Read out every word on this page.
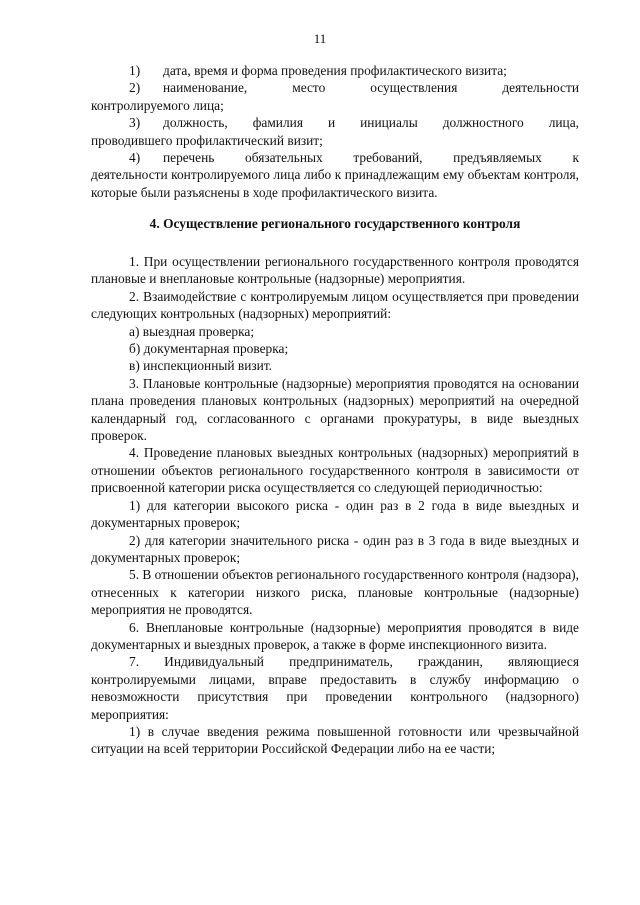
11
1)	дата, время и форма проведения профилактического визита;
2)	наименование, место осуществления деятельности
контролируемого лица;
3)	должность, фамилия и инициалы должностного лица,
проводившего профилактический визит;
4)	перечень обязательных требований, предъявляемых к
деятельности контролируемого лица либо к принадлежащим ему объектам контроля, которые были разъяснены в ходе профилактического визита.
4. Осуществление регионального государственного контроля

1. При осуществлении регионального государственного контроля проводятся плановые и внеплановые контрольные (надзорные) мероприятия.

2. Взаимодействие с контролируемым лицом осуществляется при проведении следующих контрольных (надзорных) мероприятий:

а) выездная проверка;

б) документарная проверка;

в) инспекционный визит.

3. Плановые контрольные (надзорные) мероприятия проводятся на основании плана проведения плановых контрольных (надзорных) мероприятий на очередной календарный год, согласованного с органами прокуратуры, в виде выездных проверок.

4. Проведение плановых выездных контрольных (надзорных) мероприятий в отношении объектов регионального государственного контроля в зависимости от присвоенной категории риска осуществляется со следующей периодичностью:

1) для категории высокого риска - один раз в 2 года в виде выездных и документарных проверок;

2) для категории значительного риска - один раз в 3 года в виде выездных и документарных проверок;

5. В отношении объектов регионального государственного контроля (надзора), отнесенных к категории низкого риска, плановые контрольные (надзорные) мероприятия не проводятся.

6. Внеплановые контрольные (надзорные) мероприятия проводятся в виде документарных и выездных проверок, а также в форме инспекционного визита.

7. Индивидуальный предприниматель, гражданин, являющиеся контролируемыми лицами, вправе предоставить в службу информацию о невозможности присутствия при проведении контрольного (надзорного) мероприятия:

1) в случае введения режима повышенной готовности или чрезвычайной ситуации на всей территории Российской Федерации либо на ее части;
